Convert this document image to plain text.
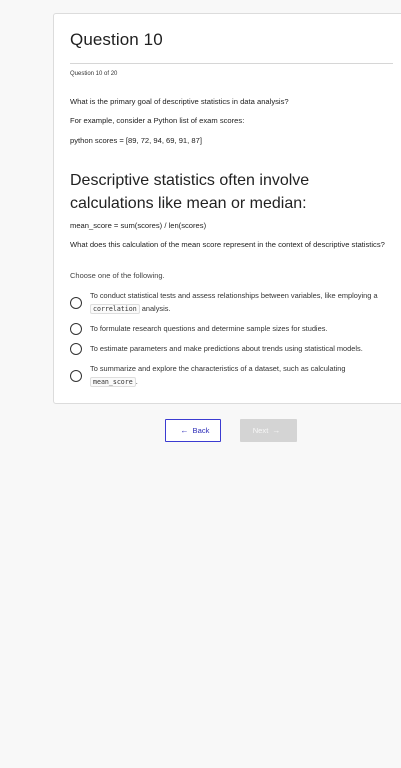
Question 10
Question 10 of 20
What is the primary goal of descriptive statistics in data analysis?
For example, consider a Python list of exam scores:
python scores = [89, 72, 94, 69, 91, 87]
Descriptive statistics often involve calculations like mean or median:
mean_score = sum(scores) / len(scores)
What does this calculation of the mean score represent in the context of descriptive statistics?
Choose one of the following.
To conduct statistical tests and assess relationships between variables, like employing a correlation analysis.
To formulate research questions and determine sample sizes for studies.
To estimate parameters and make predictions about trends using statistical models.
To summarize and explore the characteristics of a dataset, such as calculating
mean_score .
← Back	Next →
